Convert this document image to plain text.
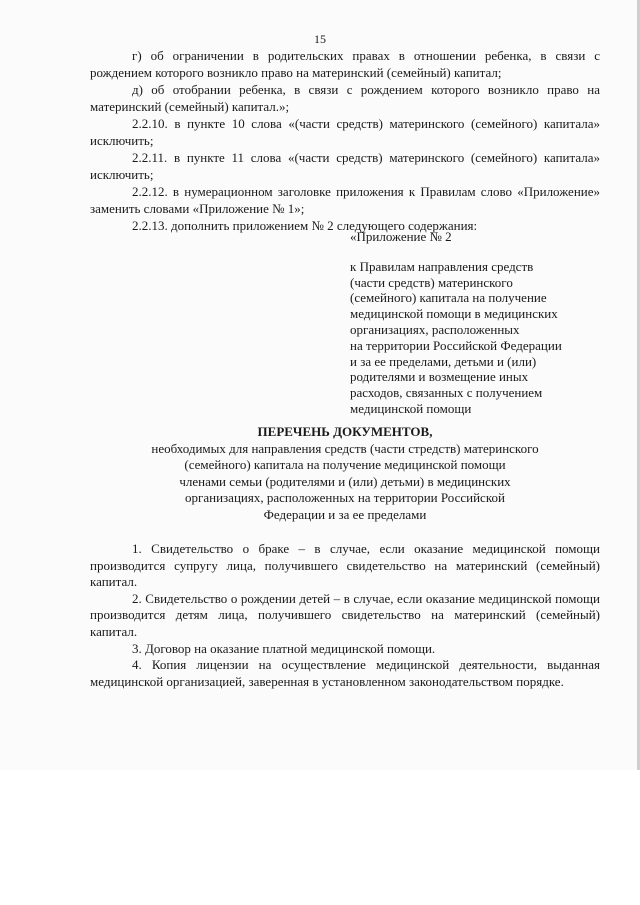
15

г) об ограничении в родительских правах в отношении ребенка, в связи с рождением которого возникло право на материнский (семейный) капитал;

д) об отобрании ребенка, в связи с рождением которого возникло право на материнский (семейный) капитал.»;

2.2.10. в пункте 10 слова «(части средств) материнского (семейного) капитала» исключить;

2.2.11. в пункте 11 слова «(части средств) материнского (семейного) капитала» исключить;

2.2.12. в нумерационном заголовке приложения к Правилам слово «Приложение» заменить словами «Приложение № 1»;

2.2.13. дополнить приложением № 2 следующего содержания:

«Приложение № 2

к Правилам направления средств

(части средств) материнского

(семейного) капитала на получение

медицинской помощи в медицинских

организациях, расположенных

на территории Российской Федерации

и за ее пределами, детьми и (или)

родителями и возмещение иных

расходов, связанных с получением

медицинской помощи

ПЕРЕЧЕНЬ ДОКУМЕНТОВ,

необходимых для направления средств (части стредств) материнского

(семейного) капитала на получение медицинской помощи

членами семьи (родителями и (или) детьми) в медицинских

организациях, расположенных на территории Российской

Федерации и за ее пределами

1. Свидетельство о браке – в случае, если оказание медицинской помощи производится супругу лица, получившего свидетельство на материнский (семейный) капитал.

2. Свидетельство о рождении детей – в случае, если оказание медицинской помощи производится детям лица, получившего свидетельство на материнский (семейный) капитал.

3. Договор на оказание платной медицинской помощи.

4. Копия лицензии на осуществление медицинской деятельности, выданная медицинской организацией, заверенная в установленном законодательством порядке.
